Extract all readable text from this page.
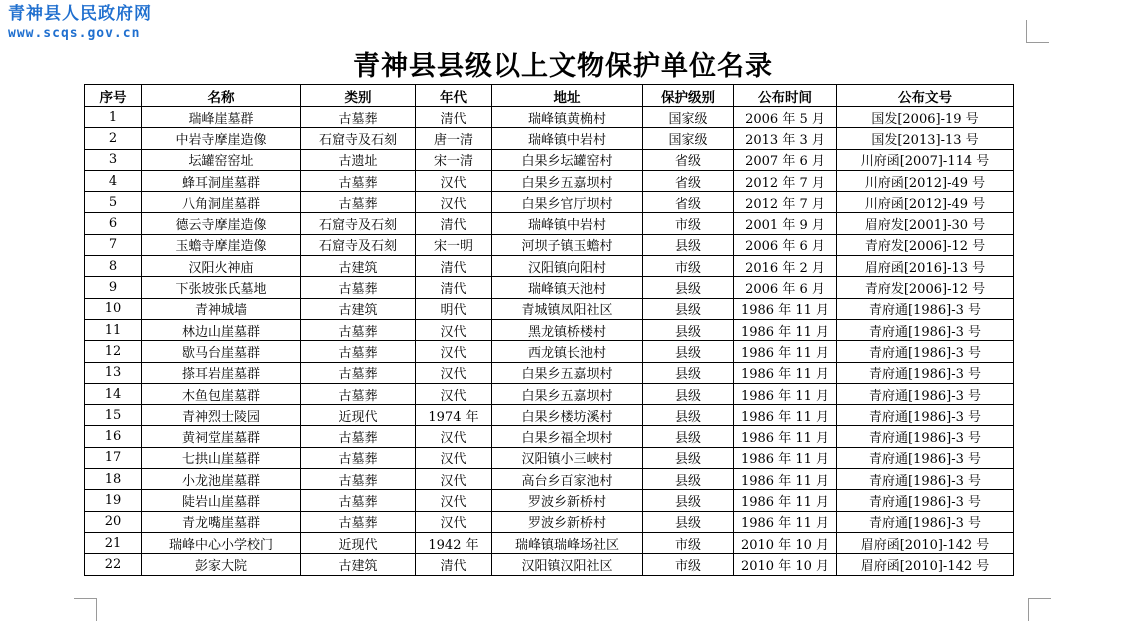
青神县人民政府网
www.scqs.gov.cn
青神县县级以上文物保护单位名录
序号	名称	类别	年代	地址	保护级别	公布时间	公布文号
1	瑞峰崖墓群	古墓葬	清代	瑞峰镇黄桷村	国家级	2006 年 5 月	国发[2006]-19 号
2	中岩寺摩崖造像	石窟寺及石刻	唐一清	瑞峰镇中岩村	国家级	2013 年 3 月	国发[2013]-13 号
3	坛罐窑窑址	古遗址	宋一清	白果乡坛罐窑村	省级	2007 年 6 月	川府函[2007]-114 号
4	蜂耳洞崖墓群	古墓葬	汉代	白果乡五嘉坝村	省级	2012 年 7 月	川府函[2012]-49 号
5	八角洞崖墓群	古墓葬	汉代	白果乡官厅坝村	省级	2012 年 7 月	川府函[2012]-49 号
6	德云寺摩崖造像	石窟寺及石刻	清代	瑞峰镇中岩村	市级	2001 年 9 月	眉府发[2001]-30 号
7	玉蟾寺摩崖造像	石窟寺及石刻	宋一明	河坝子镇玉蟾村	县级	2006 年 6 月	青府发[2006]-12 号
8	汉阳火神庙	古建筑	清代	汉阳镇向阳村	市级	2016 年 2 月	眉府函[2016]-13 号
9	下张坡张氏墓地	古墓葬	清代	瑞峰镇天池村	县级	2006 年 6 月	青府发[2006]-12 号
10	青神城墙	古建筑	明代	青城镇凤阳社区	县级	1986 年 11 月	青府通[1986]-3 号
11	林边山崖墓群	古墓葬	汉代	黑龙镇桥楼村	县级	1986 年 11 月	青府通[1986]-3 号
12	歇马台崖墓群	古墓葬	汉代	西龙镇长池村	县级	1986 年 11 月	青府通[1986]-3 号
13	搽耳岩崖墓群	古墓葬	汉代	白果乡五嘉坝村	县级	1986 年 11 月	青府通[1986]-3 号
14	木鱼包崖墓群	古墓葬	汉代	白果乡五嘉坝村	县级	1986 年 11 月	青府通[1986]-3 号
15	青神烈士陵园	近现代	1974 年	白果乡楼坊溪村	县级	1986 年 11 月	青府通[1986]-3 号
16	黄祠堂崖墓群	古墓葬	汉代	白果乡福全坝村	县级	1986 年 11 月	青府通[1986]-3 号
17	七拱山崖墓群	古墓葬	汉代	汉阳镇小三峡村	县级	1986 年 11 月	青府通[1986]-3 号
18	小龙池崖墓群	古墓葬	汉代	高台乡百家池村	县级	1986 年 11 月	青府通[1986]-3 号
19	陡岩山崖墓群	古墓葬	汉代	罗波乡新桥村	县级	1986 年 11 月	青府通[1986]-3 号
20	青龙嘴崖墓群	古墓葬	汉代	罗波乡新桥村	县级	1986 年 11 月	青府通[1986]-3 号
21	瑞峰中心小学校门	近现代	1942 年	瑞峰镇瑞峰场社区	市级	2010 年 10 月	眉府函[2010]-142 号
22	彭家大院	古建筑	清代	汉阳镇汉阳社区	市级	2010 年 10 月	眉府函[2010]-142 号
